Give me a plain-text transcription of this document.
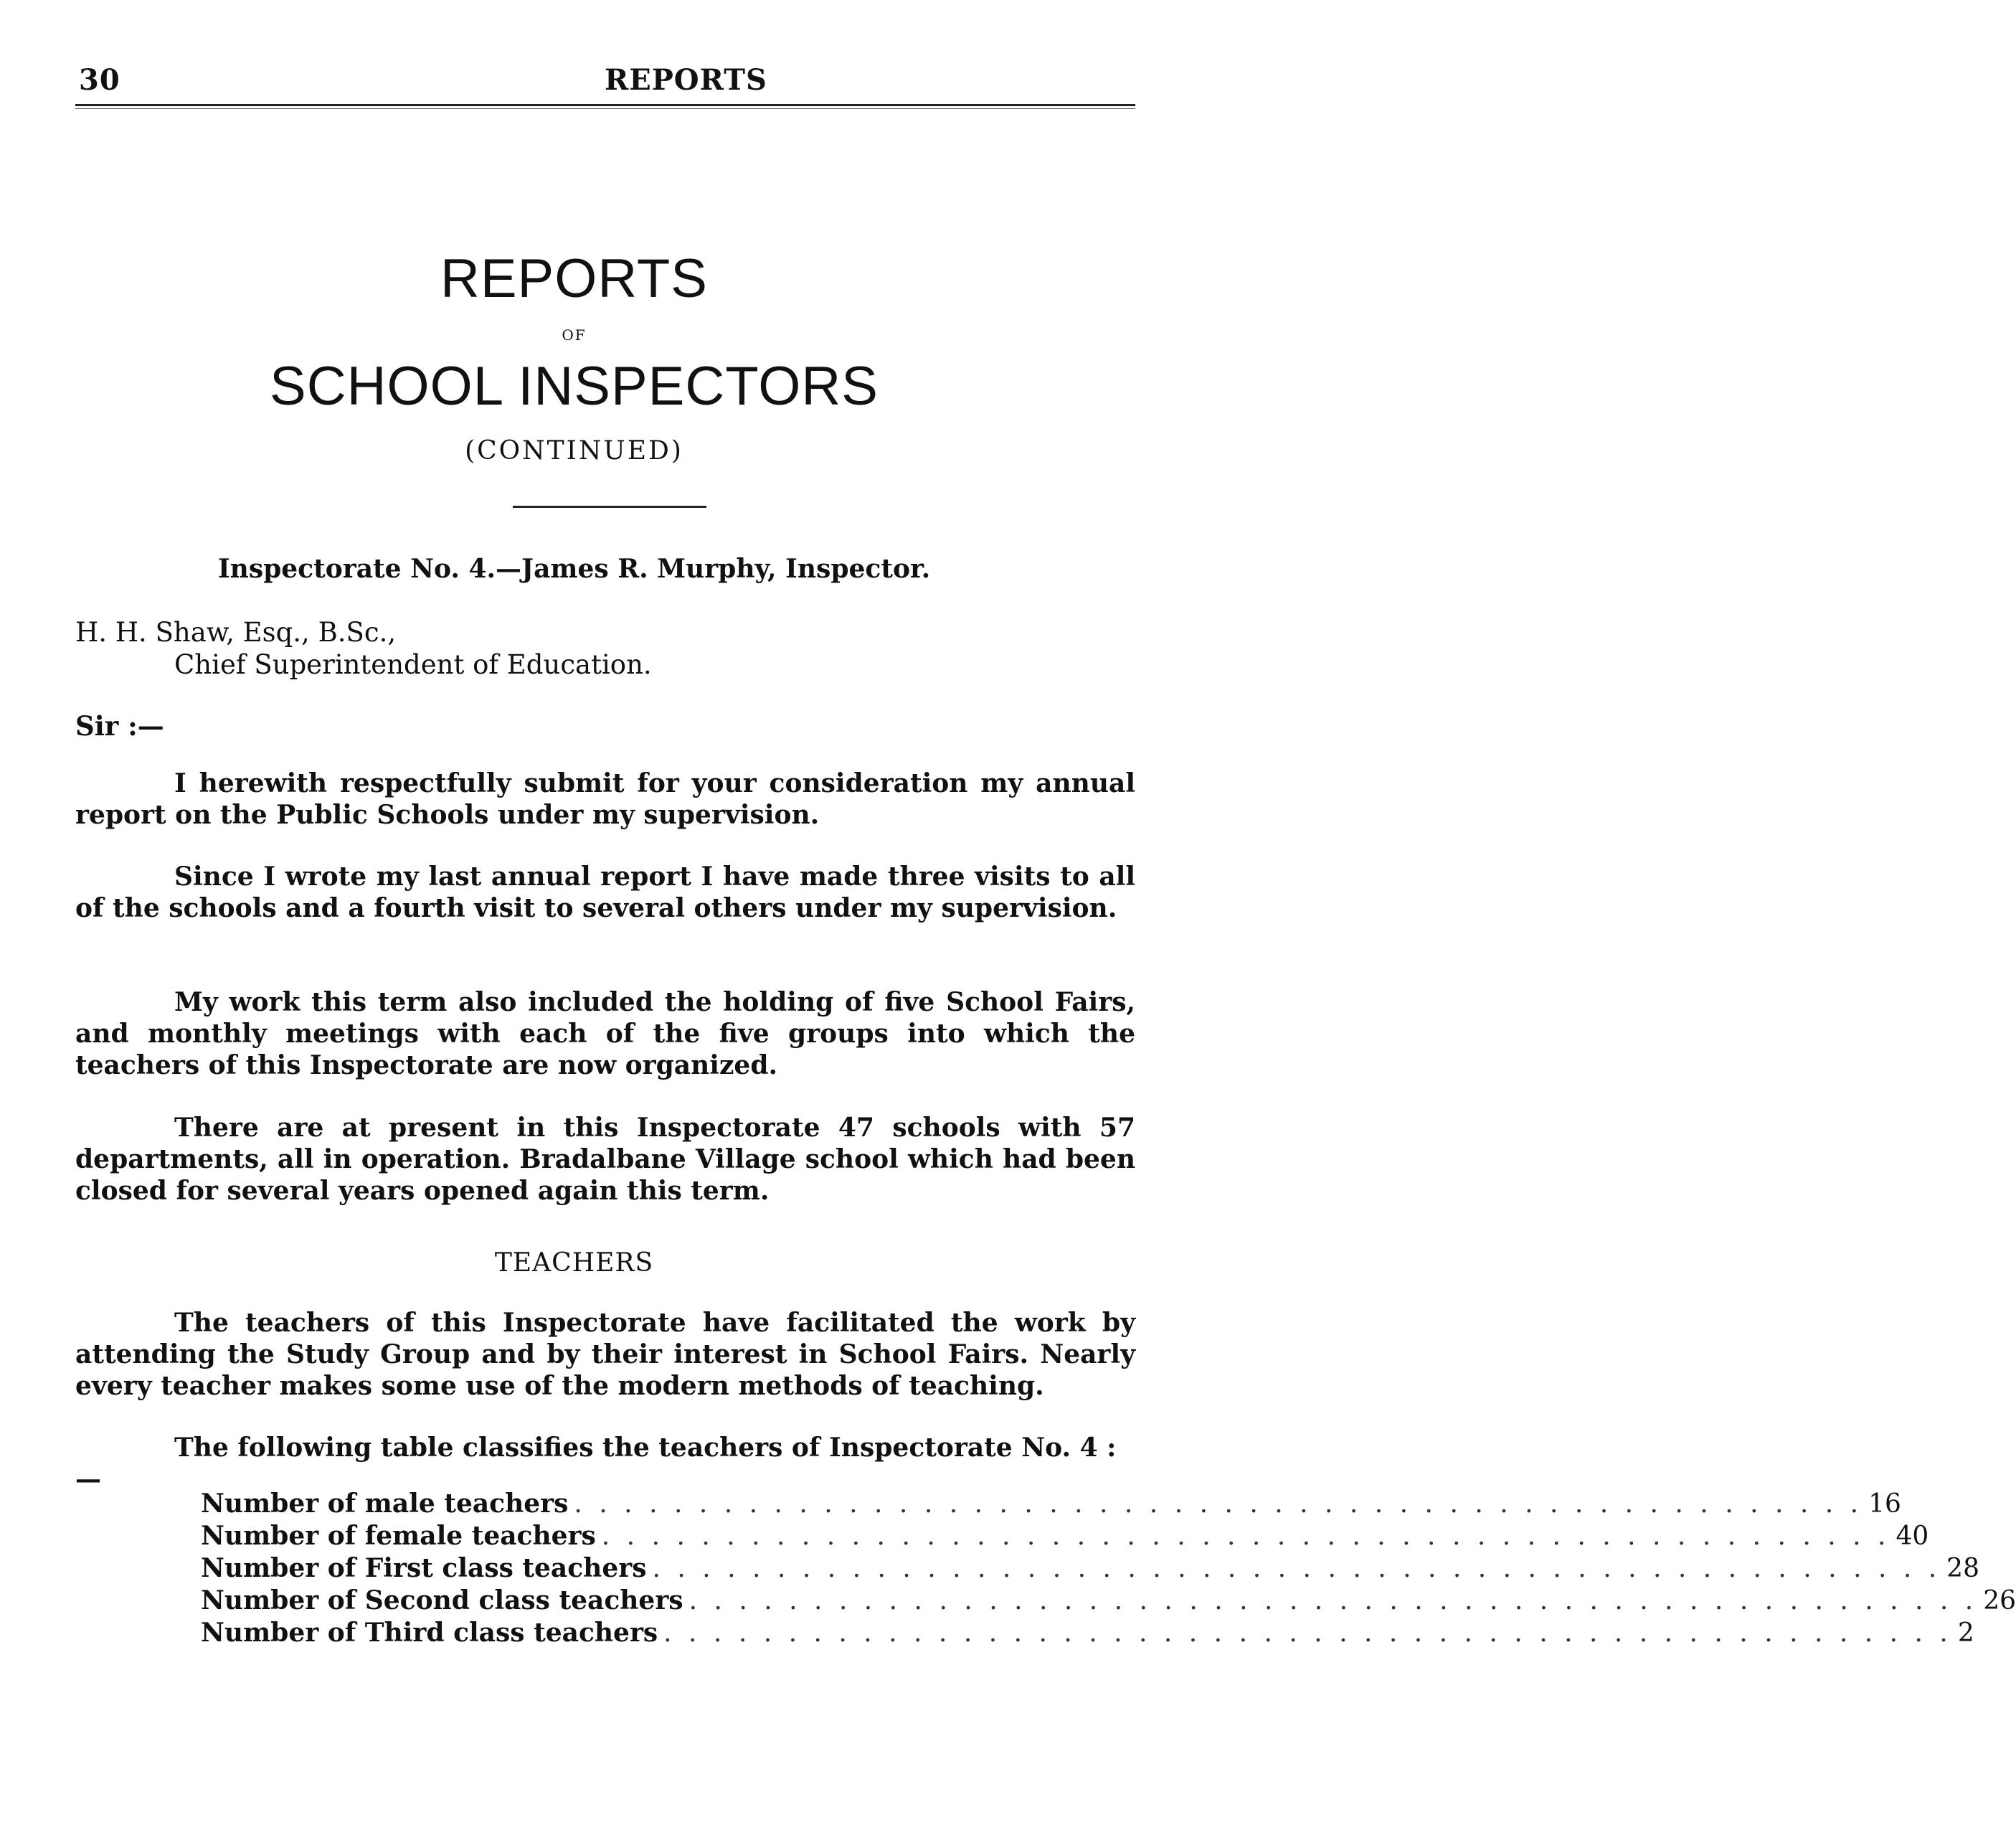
30	REPORTS
REPORTS
OF
SCHOOL INSPECTORS
(CONTINUED)
Inspectorate No. 4.—James R. Murphy, Inspector.
H. H. Shaw, Esq., B.Sc.,
Chief Superintendent of Education.
Sir :—
I herewith respectfully submit for your consideration my annual report on the Public Schools under my supervision.
Since I wrote my last annual report I have made three visits to all of the schools and a fourth visit to several others under my supervision.
My work this term also included the holding of five School Fairs, and monthly meetings with each of the five groups into which the teachers of this Inspectorate are now organized.
There are at present in this Inspectorate 47 schools with 57 departments, all in operation. Bradalbane Village school which had been closed for several years opened again this term.
TEACHERS
The teachers of this Inspectorate have facilitated the work by attending the Study Group and by their interest in School Fairs. Nearly every teacher makes some use of the modern methods of teaching.
The following table classifies the teachers of Inspectorate No. 4 :—
Number of male teachers . . . . . . . . . . . . . . . . . . . . . . . . . . . . . . . . . . . . . . . . . . . . . . . . . . . . 16
Number of female teachers . . . . . . . . . . . . . . . . . . . . . . . . . . . . . . . . . . . . . . . . . . . . . . . . . . . . 40
Number of First class teachers . . . . . . . . . . . . . . . . . . . . . . . . . . . . . . . . . . . . . . . . . . . . . . . . . . . . 28
Number of Second class teachers . . . . . . . . . . . . . . . . . . . . . . . . . . . . . . . . . . . . . . . . . . . . . . . . . . . . 26
Number of Third class teachers . . . . . . . . . . . . . . . . . . . . . . . . . . . . . . . . . . . . . . . . . . . . . . . . . . . . 2
